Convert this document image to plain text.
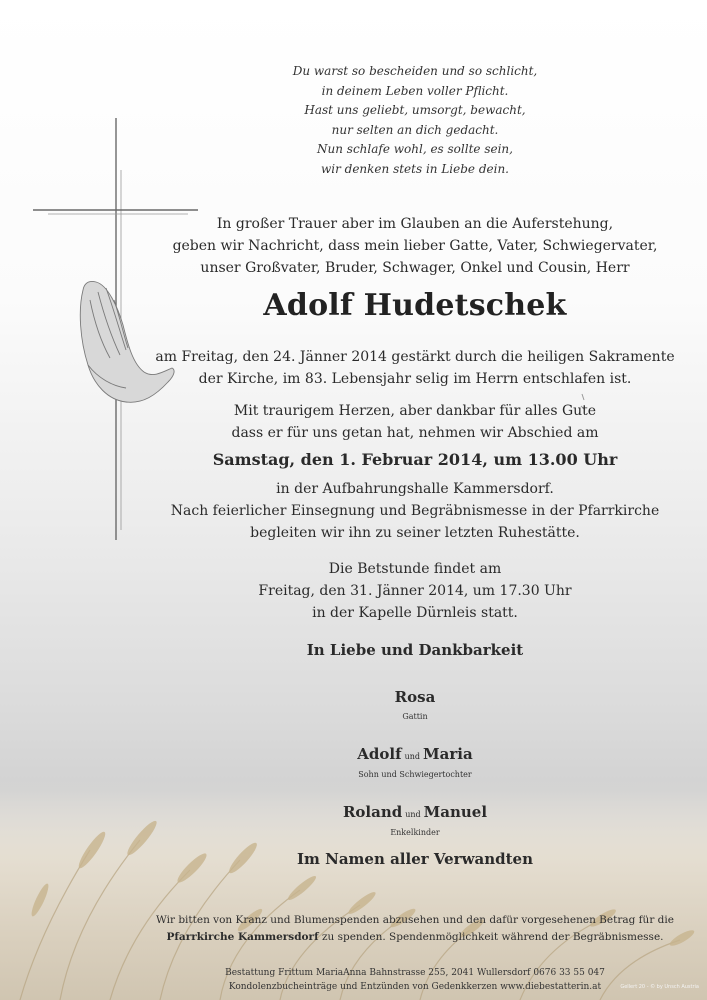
Du warst so bescheiden und so schlicht,
in deinem Leben voller Pflicht.
Hast uns geliebt, umsorgt, bewacht,
nur selten an dich gedacht.
Nun schlafe wohl, es sollte sein,
wir denken stets in Liebe dein.
In großer Trauer aber im Glauben an die Auferstehung,
geben wir Nachricht, dass mein lieber Gatte, Vater, Schwiegervater,
unser Großvater, Bruder, Schwager, Onkel und Cousin, Herr
Adolf Hudetschek
am Freitag, den 24. Jänner 2014 gestärkt durch die heiligen Sakramente
der Kirche, im 83. Lebensjahr selig im Herrn entschlafen ist.
Mit traurigem Herzen, aber dankbar für alles Gute
dass er für uns getan hat, nehmen wir Abschied am
Samstag, den 1. Februar 2014, um 13.00 Uhr
in der Aufbahrungshalle Kammersdorf.
Nach feierlicher Einsegnung und Begräbnismesse in der Pfarrkirche
begleiten wir ihn zu seiner letzten Ruhestätte.
Die Betstunde findet am
Freitag, den 31. Jänner 2014, um 17.30 Uhr
in der Kapelle Dürnleis statt.
In Liebe und Dankbarkeit
Rosa
Gattin
Adolf und Maria
Sohn und Schwiegertochter
Roland und Manuel
Enkelkinder
Im Namen aller Verwandten
Wir bitten von Kranz und Blumenspenden abzusehen und den dafür vorgesehenen Betrag für die
Pfarrkirche Kammersdorf zu spenden. Spendenmöglichkeit während der Begräbnismesse.
Bestattung Frittum MariaAnna Bahnstrasse 255, 2041 Wullersdorf 0676 33 55 047
Kondolenzbucheinträge und Entzünden von Gedenkkerzen www.diebestatterin.at	Gellert 20 - © by Unsch Austria
